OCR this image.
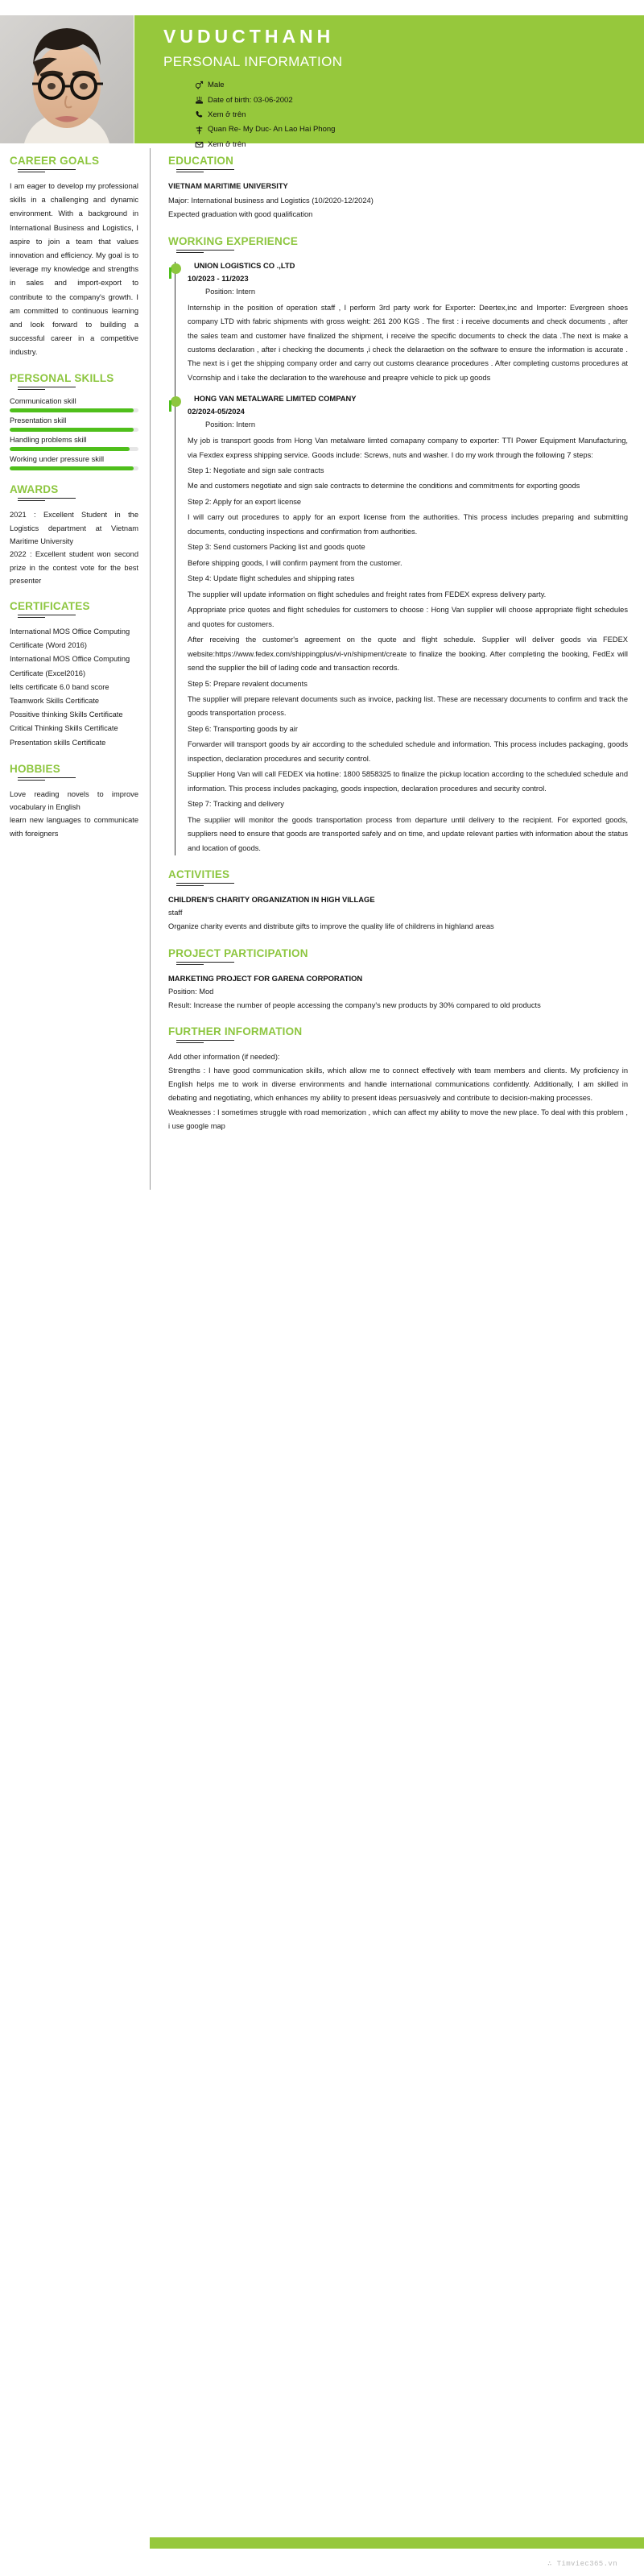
VUDUCTHANH
PERSONAL INFORMATION
Male
Date of birth: 03-06-2002
Xem ở trên
Quan Re- My Duc- An Lao Hai Phong
Xem ở trên
CAREER GOALS
I am eager to develop my professional skills in a challenging and dynamic environment. With a background in International Business and Logistics, I aspire to join a team that values innovation and efficiency. My goal is to leverage my knowledge and strengths in sales and import-export to contribute to the company's growth. I am committed to continuous learning and look forward to building a successful career in a competitive industry.
PERSONAL SKILLS
Communication skill
Presentation skill
Handling problems skill
Working under pressure skill
AWARDS
2021 : Excellent Student in the Logistics department at Vietnam Maritime University
2022 : Excellent student won second prize in the contest vote for the best presenter
CERTIFICATES
International MOS Office Computing Certificate (Word 2016)
International MOS Office Computing Certificate (Excel2016)
Ielts certificate 6.0 band score
Teamwork Skills Certificate
Possitive thinking Skills Certificate
Critical Thinking Skills Certificate
Presentation skills Certificate
HOBBIES
Love reading novels to improve vocabulary in English
learn new languages to communicate with foreigners
EDUCATION
VIETNAM MARITIME UNIVERSITY
Major: International business and Logistics (10/2020-12/2024)
Expected graduation with good qualification
WORKING EXPERIENCE
UNION LOGISTICS CO .,LTD
10/2023 - 11/2023
Position: Intern

Internship in the position of operation staff , I perform 3rd party work for Exporter: Deertex,inc and Importer: Evergreen shoes company LTD with fabric shipments with gross weight: 261 200 KGS . The first : i receive documents and check documents , after the sales team and customer have finalized the shipment, i receive the specific documents to check the data .The next is make a customs declaration , after i checking the documents ,i check the delaraetion on the software to ensure the information is accurate . The next is i get the shipping company order and carry out customs clearance procedures . After completing customs procedures at Vcornship and i take the declaration to the warehouse and preapre vehicle to pick up goods

HONG VAN METALWARE LIMITED COMPANY
02/2024-05/2024
Position: Intern

My job is transport goods from Hong Van metalware limted comapany company to exporter: TTI Power Equipment Manufacturing, via Fexdex express shipping service. Goods include: Screws, nuts and washer. I do my work through the following 7 steps:

Step 1: Negotiate and sign sale contracts

Me and customers negotiate and sign sale contracts to determine the conditions and commitments for exporting goods

Step 2: Apply for an export license

I will carry out procedures to apply for an export license from the authorities. This process includes preparing and submitting documents, conducting inspections and confirmation from authorities.

Step 3: Send customers Packing list and goods quote

Before shipping goods, I will confirm payment from the customer.

Step 4: Update flight schedules and shipping rates

The supplier will update information on flight schedules and freight rates from FEDEX express delivery party.

Appropriate price quotes and flight schedules for customers to choose : Hong Van supplier will choose appropriate flight schedules and quotes for customers.

After receiving the customer's agreement on the quote and flight schedule. Supplier will deliver goods via FEDEX website:https://www.fedex.com/shippingplus/vi-vn/shipment/create to finalize the booking. After completing the booking, FedEx will send the supplier the bill of lading code and transaction records.

Step 5: Prepare revalent documents

The supplier will prepare relevant documents such as invoice, packing list. These are necessary documents to confirm and track the goods transportation process.

Step 6: Transporting goods by air

Forwarder will transport goods by air according to the scheduled schedule and information. This process includes packaging, goods inspection, declaration procedures and security control.

Supplier Hong Van will call FEDEX via hotline: 1800 5858325 to finalize the pickup location according to the scheduled schedule and information. This process includes packaging, goods inspection, declaration procedures and security control.

Step 7: Tracking and delivery

The supplier will monitor the goods transportation process from departure until delivery to the recipient. For exported goods, suppliers need to ensure that goods are transported safely and on time, and update relevant parties with information about the status and location of goods.

ACTIVITIES
CHILDREN'S CHARITY ORGANIZATION IN HIGH VILLAGE
staff
Organize charity events and distribute gifts to improve the quality life of childrens in highland areas
PROJECT PARTICIPATION
MARKETING PROJECT FOR GARENA CORPORATION
Position: Mod
Result: Increase the number of people accessing the company's new products by 30% compared to old products
FURTHER INFORMATION
Add other information (if needed):
Strengths : I have good communication skills, which allow me to connect effectively with team members and clients. My proficiency in English helps me to work in diverse environments and handle international communications confidently. Additionally, I am skilled in debating and negotiating, which enhances my ability to present ideas persuasively and contribute to decision-making processes.
Weaknesses : I sometimes struggle with road memorization , which can affect my ability to move the new place. To deal with this problem , i use google map
∴ Timviec365.vn
